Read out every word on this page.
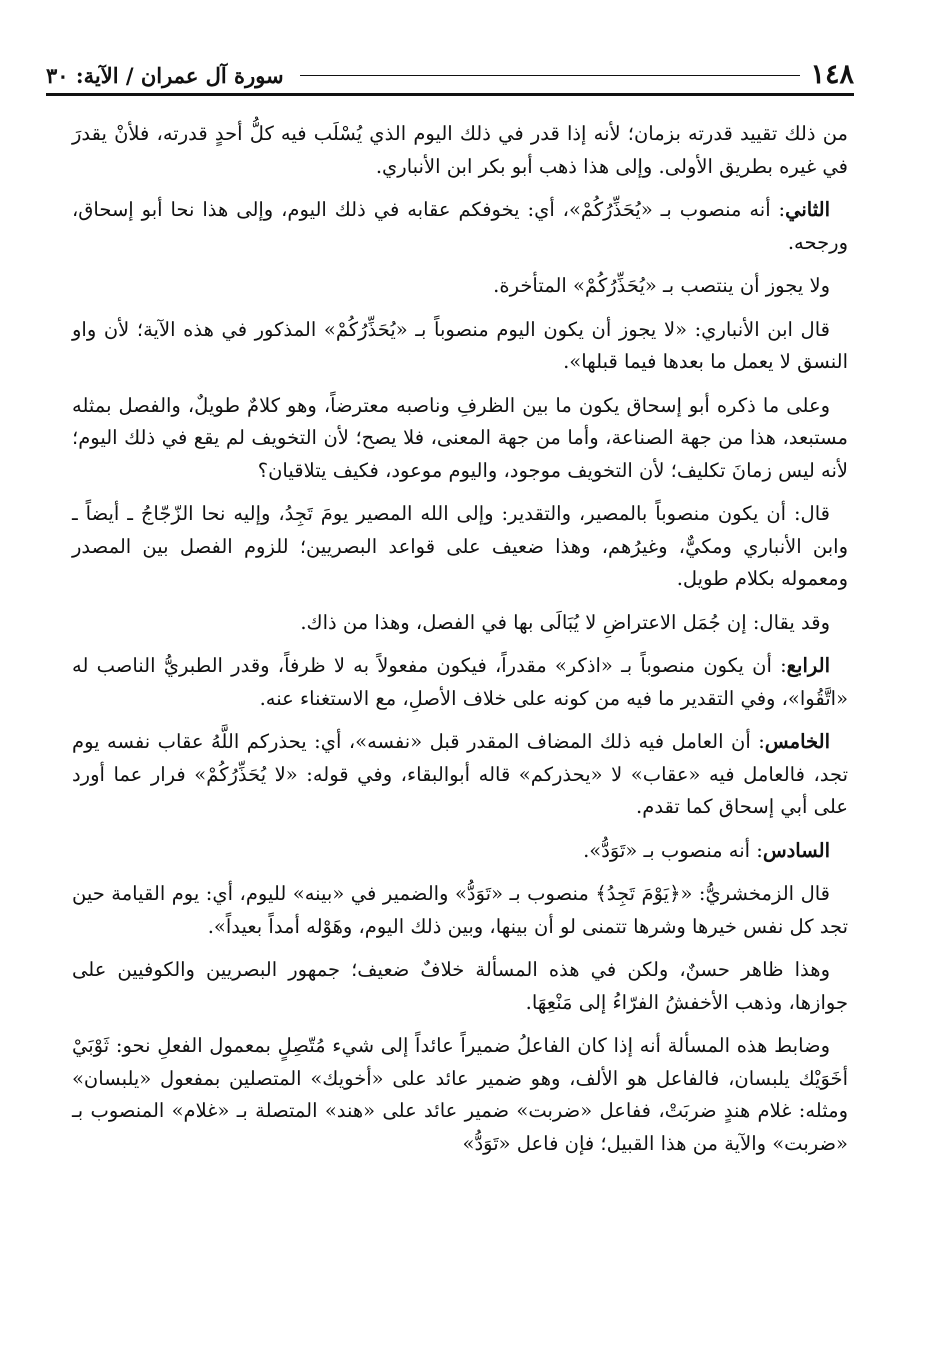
١٤٨
سورة آل عمران / الآية: ٣٠

من ذلك تقييد قدرته بزمان؛ لأنه إذا قدر في ذلك اليوم الذي يُسْلَب فيه كلُّ أحدٍ قدرته، فلأنْ يقدرَ في غيره بطريق الأولى. وإلى هذا ذهب أبو بكر ابن الأنباري.

الثاني: أنه منصوب بـ «يُحَذِّرُكُمْ»، أي: يخوفكم عقابه في ذلك اليوم، وإلى هذا نحا أبو إسحاق، ورجحه.

ولا يجوز أن ينتصب بـ «يُحَذِّرُكُمْ» المتأخرة.

قال ابن الأنباري: «لا يجوز أن يكون اليوم منصوباً بـ «يُحَذِّرُكُمْ» المذكور في هذه الآية؛ لأن واو النسق لا يعمل ما بعدها فيما قبلها».

وعلى ما ذكره أبو إسحاق يكون ما بين الظرفِ وناصبه معترضاً، وهو كلامٌ طويلٌ، والفصل بمثله مستبعد، هذا من جهة الصناعة، وأما من جهة المعنى، فلا يصح؛ لأن التخويف لم يقع في ذلك اليوم؛ لأنه ليس زمانَ تكليف؛ لأن التخويف موجود، واليوم موعود، فكيف يتلاقيان؟

قال: أن يكون منصوباً بالمصير، والتقدير: وإلى الله المصير يومَ تَجِدُ، وإليه نحا الزّجّاجُ ـ أيضاً ـ وابن الأنباري ومكيٌّ، وغيرُهم، وهذا ضعيف على قواعد البصريين؛ للزوم الفصل بين المصدر ومعموله بكلام طويل.

وقد يقال: إن جُمَل الاعتراضِ لا يُبَالَى بها في الفصل، وهذا من ذاك.

الرابع: أن يكون منصوباً بـ «اذكر» مقدراً، فيكون مفعولاً به لا ظرفاً، وقدر الطبريُّ الناصب له «اتَّقُوا»، وفي التقدير ما فيه من كونه على خلاف الأصلِ، مع الاستغناء عنه.

الخامس: أن العامل فيه ذلك المضاف المقدر قبل «نفسه»، أي: يحذركم اللَّهُ عقاب نفسه يوم تجد، فالعامل فيه «عقاب» لا «يحذركم» قاله أبوالبقاء، وفي قوله: «لا يُحَذِّرُكُمْ» فرار عما أورد على أبي إسحاق كما تقدم.

السادس: أنه منصوب بـ «تَوَدُّ».

قال الزمخشريُّ: «﴿يَوْمَ تَجِدُ﴾ منصوب بـ «تَوَدُّ» والضمير في «بينه» لليوم، أي: يوم القيامة حين تجد كل نفس خيرها وشرها تتمنى لو أن بينها، وبين ذلك اليوم، وهَوْله أمداً بعيداً».

وهذا ظاهر حسنٌ، ولكن في هذه المسألة خلافٌ ضعيف؛ جمهور البصريين والكوفيين على جوازها، وذهب الأخفشُ الفرّاءُ إلى مَنْعِهَا.

وضابط هذه المسألة أنه إذا كان الفاعلُ ضميراً عائداً إلى شيء مُتّصِلٍ بمعمول الفعلِ نحو: ثَوْبَيْ أخَوَيْك يلبسان، فالفاعل هو الألف، وهو ضمير عائد على «أخويك» المتصلين بمفعول «يلبسان» ومثله: غلام هندٍ ضربَتْ، ففاعل «ضربت» ضمير عائد على «هند» المتصلة بـ «غلام» المنصوب بـ «ضربت» والآية من هذا القبيل؛ فإن فاعل «تَوَدُّ»
